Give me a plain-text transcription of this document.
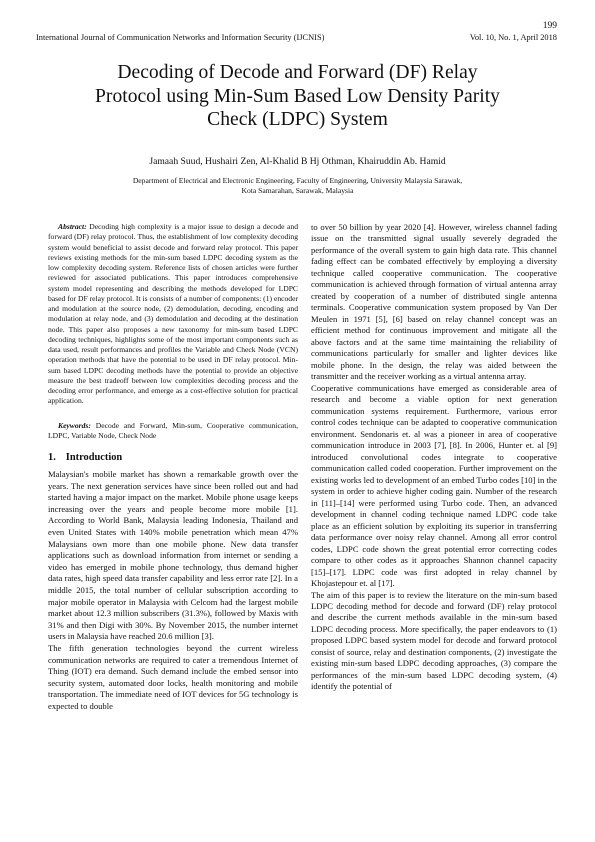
199
International Journal of Communication Networks and Information Security (IJCNIS)	Vol. 10, No. 1, April 2018
Decoding of Decode and Forward (DF) Relay
Protocol using Min-Sum Based Low Density Parity
Check (LDPC) System
Jamaah Suud, Hushairi Zen, Al-Khalid B Hj Othman, Khairuddin Ab. Hamid
Department of Electrical and Electronic Engineering, Faculty of Engineering, University Malaysia Sarawak,
Kota Samarahan, Sarawak, Malaysia

Abstract: Decoding high complexity is a major issue to design a decode and forward (DF) relay protocol. Thus, the establishment of low complexity decoding system would beneficial to assist decode and forward relay protocol. This paper reviews existing methods for the min-sum based LDPC decoding system as the low complexity decoding system. Reference lists of chosen articles were further reviewed for associated publications. This paper introduces comprehensive system model representing and describing the methods developed for LDPC based for DF relay protocol. It is consists of a number of components: (1) encoder and modulation at the source node, (2) demodulation, decoding, encoding and modulation at relay node, and (3) demodulation and decoding at the destination node. This paper also proposes a new taxonomy for min-sum based LDPC decoding techniques, highlights some of the most important components such as data used, result performances and profiles the Variable and Check Node (VCN) operation methods that have the potential to be used in DF relay protocol. Min-sum based LDPC decoding methods have the potential to provide an objective measure the best tradeoff between low complexities decoding process and the decoding error performance, and emerge as a cost-effective solution for practical application.

Keywords: Decode and Forward, Min-sum, Cooperative communication, LDPC, Variable Node, Check Node

1. Introduction

Malaysian's mobile market has shown a remarkable growth over the years. The next generation services have since been rolled out and had started having a major impact on the market. Mobile phone usage keeps increasing over the years and people become more mobile [1]. According to World Bank, Malaysia leading Indonesia, Thailand and even United States with 140% mobile penetration which mean 47% Malaysians own more than one mobile phone. New data transfer applications such as download information from internet or sending a video has emerged in mobile phone technology, thus demand higher data rates, high speed data transfer capability and less error rate [2]. In a middle 2015, the total number of cellular subscription according to major mobile operator in Malaysia with Celcom had the largest mobile market about 12.3 million subscribers (31.3%), followed by Maxis with 31% and then Digi with 30%. By November 2015, the number internet users in Malaysia have reached 20.6 million [3].

The fifth generation technologies beyond the current wireless communication networks are required to cater a tremendous Internet of Thing (IOT) era demand. Such demand include the embed sensor into security system, automated door locks, health monitoring and mobile transportation. The immediate need of IOT devices for 5G technology is expected to double

to over 50 billion by year 2020 [4]. However, wireless channel fading issue on the transmitted signal usually severely degraded the performance of the overall system to gain high data rate. This channel fading effect can be combated effectively by employing a diversity technique called cooperative communication. The cooperative communication is achieved through formation of virtual antenna array created by cooperation of a number of distributed single antenna terminals. Cooperative communication system proposed by Van Der Meulen in 1971 [5], [6] based on relay channel concept was an efficient method for continuous improvement and mitigate all the above factors and at the same time maintaining the reliability of communications particularly for smaller and lighter devices like mobile phone. In the design, the relay was aided between the transmitter and the receiver working as a virtual antenna array.

Cooperative communications have emerged as considerable area of research and become a viable option for next generation communication systems requirement. Furthermore, various error control codes technique can be adapted to cooperative communication environment. Sendonaris et. al was a pioneer in area of cooperative communication introduce in 2003 [7], [8]. In 2006, Hunter et. al [9] introduced convolutional codes integrate to cooperative communication called coded cooperation. Further improvement on the existing works led to development of an embed Turbo codes [10] in the system in order to achieve higher coding gain. Number of the research in [11]–[14] were performed using Turbo code. Then, an advanced development in channel coding technique named LDPC code take place as an efficient solution by exploiting its superior in transferring data performance over noisy relay channel. Among all error control codes, LDPC code shown the great potential error correcting codes compare to other codes as it approaches Shannon channel capacity [15]–[17]. LDPC code was first adopted in relay channel by Khojastepour et. al [17].

The aim of this paper is to review the literature on the min-sum based LDPC decoding method for decode and forward (DF) relay protocol and describe the current methods available in the min-sum based LDPC decoding process. More specifically, the paper endeavors to (1) proposed LDPC based system model for decode and forward protocol consist of source, relay and destination components, (2) investigate the existing min-sum based LDPC decoding approaches, (3) compare the performances of the min-sum based LDPC decoding system, (4) identify the potential of
